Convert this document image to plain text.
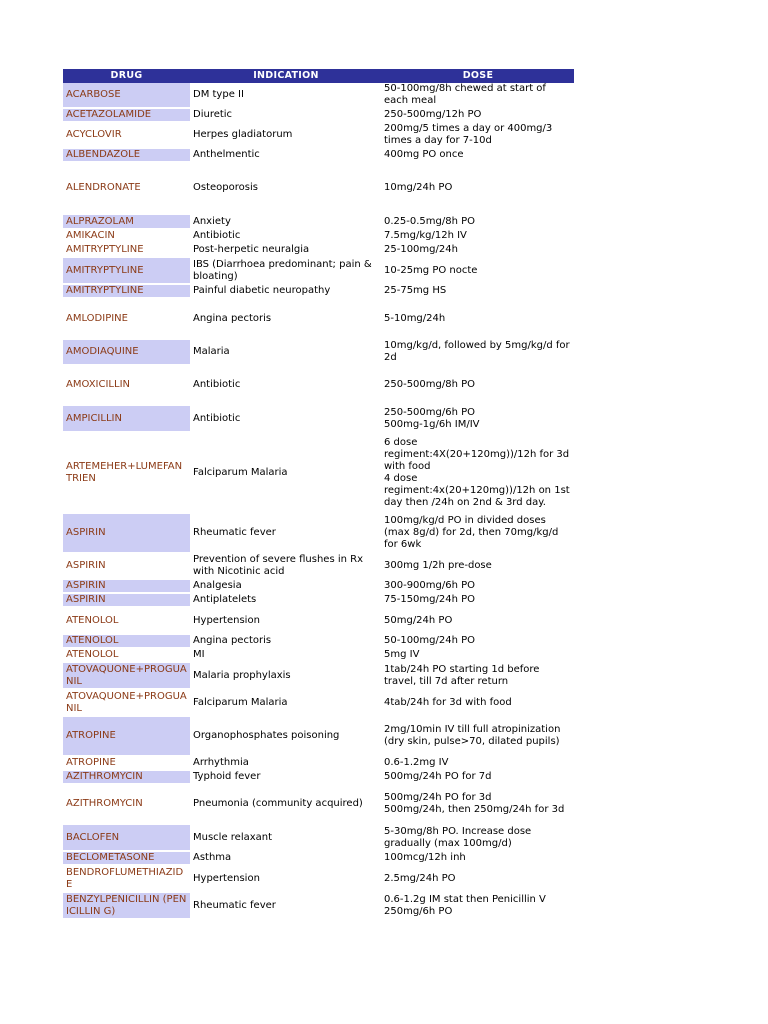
DRUG	INDICATION	DOSE
ACARBOSE	DM type II	50-100mg/8h chewed at start of each meal
ACETAZOLAMIDE	Diuretic	250-500mg/12h PO
ACYCLOVIR	Herpes gladiatorum	200mg/5 times a day or 400mg/3 times a day for 7-10d
ALBENDAZOLE	Anthelmentic	400mg PO once
ALENDRONATE	Osteoporosis	10mg/24h PO
ALPRAZOLAM	Anxiety	0.25-0.5mg/8h PO
AMIKACIN	Antibiotic	7.5mg/kg/12h IV
AMITRYPTYLINE	Post-herpetic neuralgia	25-100mg/24h
AMITRYPTYLINE	IBS (Diarrhoea predominant; pain & bloating)	10-25mg PO nocte
AMITRYPTYLINE	Painful diabetic neuropathy	25-75mg HS
AMLODIPINE	Angina pectoris	5-10mg/24h
AMODIAQUINE	Malaria	10mg/kg/d, followed by 5mg/kg/d for 2d
AMOXICILLIN	Antibiotic	250-500mg/8h PO
AMPICILLIN	Antibiotic	250-500mg/6h PO
500mg-1g/6h IM/IV
ARTEMEHER+LUMEFANTRIEN	Falciparum Malaria	6 dose regiment:4X(20+120mg))/12h for 3d with food
4 dose regiment:4x(20+120mg))/12h on 1st day then /24h on 2nd & 3rd day.
ASPIRIN	Rheumatic fever	100mg/kg/d PO in divided doses (max 8g/d) for 2d, then 70mg/kg/d for 6wk
ASPIRIN	Prevention of severe flushes in Rx with Nicotinic acid	300mg 1/2h pre-dose
ASPIRIN	Analgesia	300-900mg/6h PO
ASPIRIN	Antiplatelets	75-150mg/24h PO
ATENOLOL	Hypertension	50mg/24h PO
ATENOLOL	Angina pectoris	50-100mg/24h PO
ATENOLOL	MI	5mg IV
ATOVAQUONE+PROGUANIL	Malaria prophylaxis	1tab/24h PO starting 1d before travel, till 7d after return
ATOVAQUONE+PROGUANIL	Falciparum Malaria	4tab/24h for 3d with food
ATROPINE	Organophosphates poisoning	2mg/10min IV till full atropinization (dry skin, pulse>70, dilated pupils)
ATROPINE	Arrhythmia	0.6-1.2mg IV
AZITHROMYCIN	Typhoid fever	500mg/24h PO for 7d
AZITHROMYCIN	Pneumonia (community acquired)	500mg/24h PO for 3d
500mg/24h, then 250mg/24h for 3d
BACLOFEN	Muscle relaxant	5-30mg/8h PO. Increase dose gradually (max 100mg/d)
BECLOMETASONE	Asthma	100mcg/12h inh
BENDROFLUMETHIAZIDE	Hypertension	2.5mg/24h PO
BENZYLPENICILLIN (PENICILLIN G)	Rheumatic fever	0.6-1.2g IM stat then Penicillin V 250mg/6h PO
